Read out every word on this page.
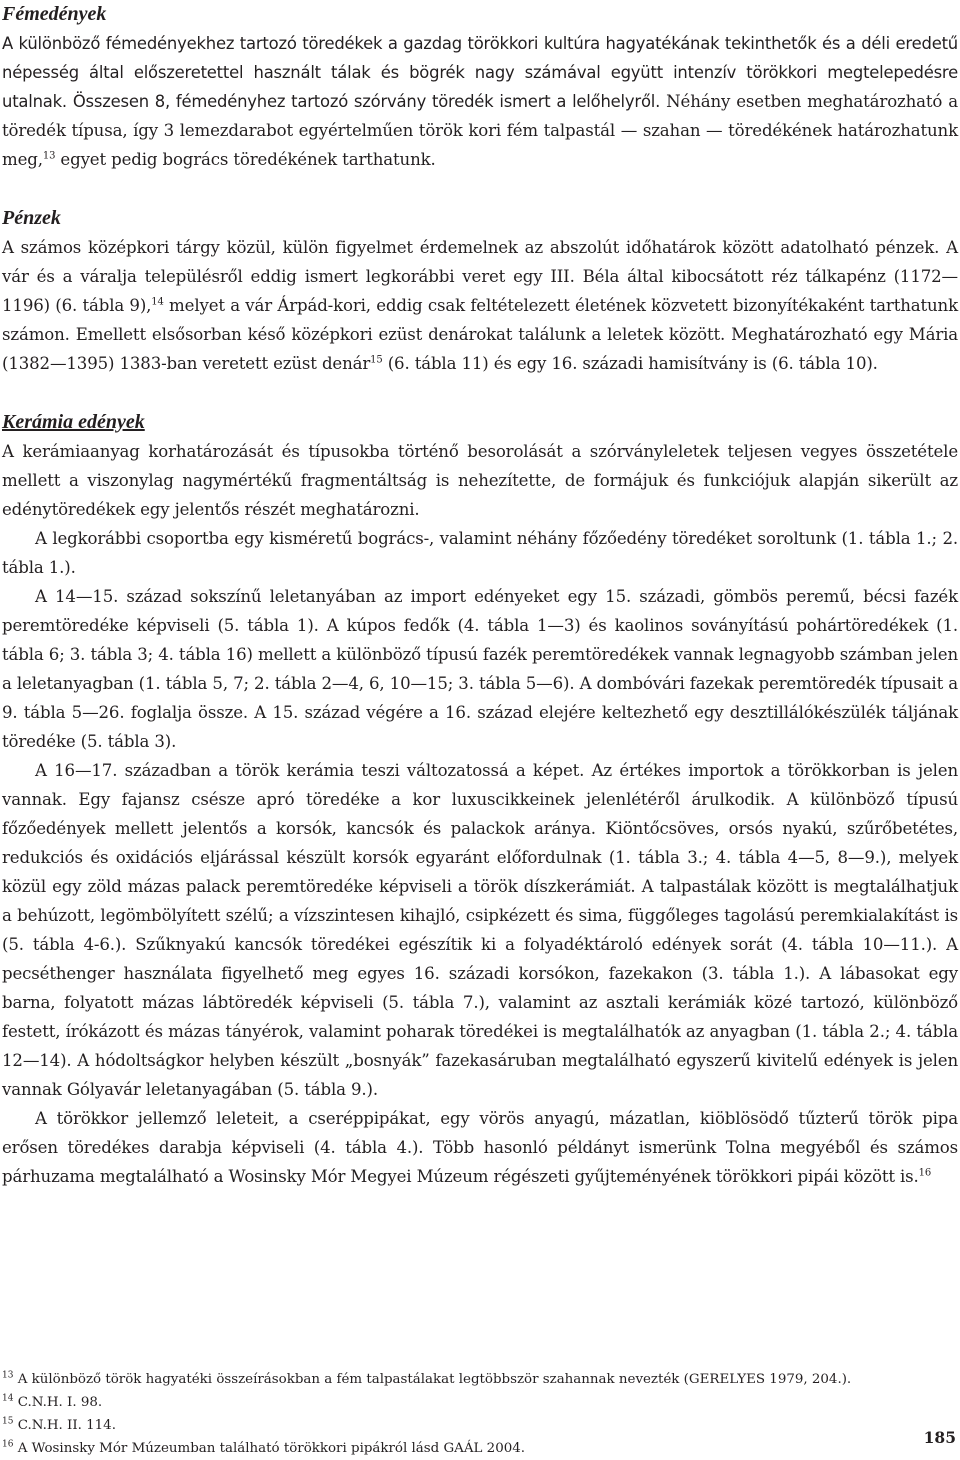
Fémedények

A különböző fémedényekhez tartozó töredékek a gazdag törökkori kultúra hagyatékának tekinthetők és a déli eredetű népesség által előszeretettel használt tálak és bögrék nagy számával együtt intenzív törökkori megtelepedésre utalnak. Összesen 8, fémedényhez tartozó szórvány töredék ismert a lelőhelyről. Néhány esetben meghatározható a töredék típusa, így 3 lemezdarabot egyértelműen török kori fém talpastál — szahan — töredékének határozhatunk meg,$^{13}$ egyet pedig bogrács töredékének tarthatunk.

Pénzek

A számos középkori tárgy közül, külön figyelmet érdemelnek az abszolút időhatárok között adatolható pénzek. A vár és a váralja településről eddig ismert legkorábbi veret egy III. Béla által kibocsátott réz tálkapénz (1172—1196) (6. tábla 9),$^{14}$ melyet a vár Árpád-kori, eddig csak feltételezett életének közvetett bizonyítékaként tarthatunk számon. Emellett elsősorban késő középkori ezüst denárokat találunk a leletek között. Meghatározható egy Mária (1382—1395) 1383-ban veretett ezüst denár$^{15}$ (6. tábla 11) és egy 16. századi hamisítvány is (6. tábla 10).

Kerámia edények

A kerámiaanyag korhatározását és típusokba történő besorolását a szórványleletek teljesen vegyes összetétele mellett a viszonylag nagymértékű fragmentáltság is nehezítette, de formájuk és funkciójuk alapján sikerült az edénytöredékek egy jelentős részét meghatározni.

A legkorábbi csoportba egy kisméretű bogrács-, valamint néhány főzőedény töredéket soroltunk (1. tábla 1.; 2. tábla 1.).

A 14—15. század sokszínű leletanyában az import edényeket egy 15. századi, gömbös peremű, bécsi fazék peremtöredéke képviseli (5. tábla 1). A kúpos fedők (4. tábla 1—3) és kaolinos soványítású pohártöredékek (1. tábla 6; 3. tábla 3; 4. tábla 16) mellett a különböző típusú fazék peremtöredékek vannak legnagyobb számban jelen a leletanyagban (1. tábla 5, 7; 2. tábla 2—4, 6, 10—15; 3. tábla 5—6). A dombóvári fazekak peremtöredék típusait a 9. tábla 5—26. foglalja össze. A 15. század végére a 16. század elejére keltezhető egy desztillálókészülék táljának töredéke (5. tábla 3).

A 16—17. században a török kerámia teszi változatossá a képet. Az értékes importok a törökkorban is jelen vannak. Egy fajansz csésze apró töredéke a kor luxuscikkeinek jelenlétéről árulkodik. A különböző típusú főzőedények mellett jelentős a korsók, kancsók és palackok aránya. Kiöntőcsöves, orsós nyakú, szűrőbetétes, redukciós és oxidációs eljárással készült korsók egyaránt előfordulnak (1. tábla 3.; 4. tábla 4—5, 8—9.), melyek közül egy zöld mázas palack peremtöredéke képviseli a török díszkerámiát. A talpastálak között is megtalálhatjuk a behúzott, legömbölyített szélű; a vízszintesen kihajló, csipkézett és sima, függőleges tagolású peremkialakítást is (5. tábla 4-6.). Szűknyakú kancsók töredékei egészítik ki a folyadéktároló edények sorát (4. tábla 10—11.). A pecséthenger használata figyelhető meg egyes 16. századi korsókon, fazekakon (3. tábla 1.). A lábasokat egy barna, folyatott mázas lábtöredék képviseli (5. tábla 7.), valamint az asztali kerámiák közé tartozó, különböző festett, írókázott és mázas tányérok, valamint poharak töredékei is megtalálhatók az anyagban (1. tábla 2.; 4. tábla 12—14). A hódoltságkor helyben készült „bosnyák” fazekasáruban megtalálható egyszerű kivitelű edények is jelen vannak Gólyavár leletanyagában (5. tábla 9.).

A törökkor jellemző leleteit, a cseréppipákat, egy vörös anyagú, mázatlan, kiöblösödő tűzterű török pipa erősen töredékes darabja képviseli (4. tábla 4.). Több hasonló példányt ismerünk Tolna megyéből és számos párhuzama megtalálható a Wosinsky Mór Megyei Múzeum régészeti gyűjteményének törökkori pipái között is.$^{16}$

$^{13}$ A különböző török hagyatéki összeírásokban a fém talpastálakat legtöbbször szahannak nevezték (GERELYES 1979, 204.).

$^{14}$ C.N.H. I. 98.

$^{15}$ C.N.H. II. 114.

$^{16}$ A Wosinsky Mór Múzeumban található törökkori pipákról lásd GAÁL 2004.

185
